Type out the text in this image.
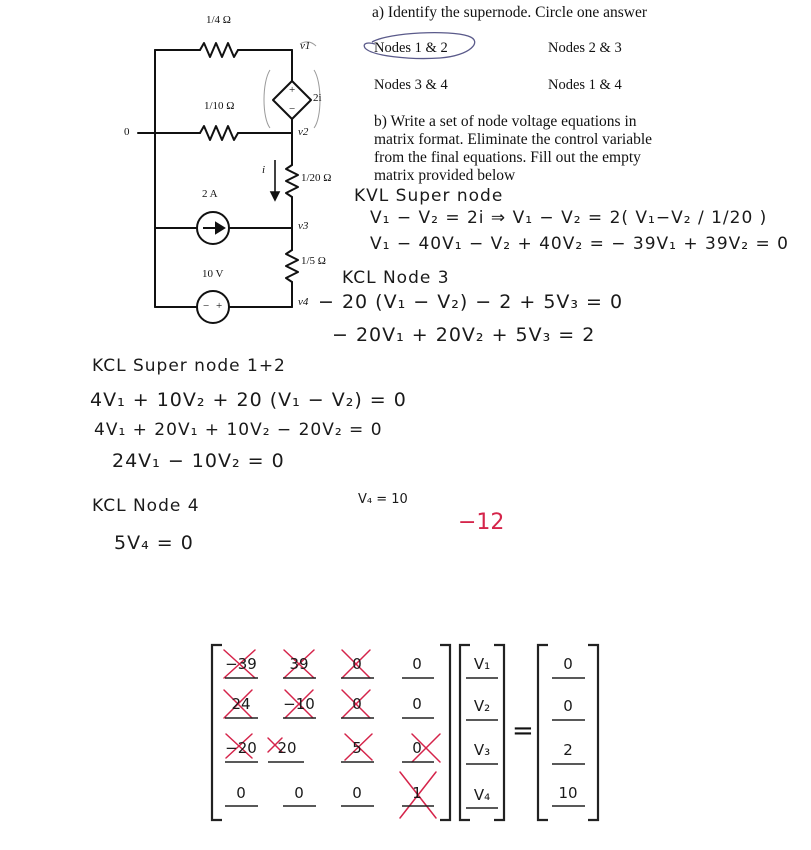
1/4 Ω
1/10 Ω
1/20 Ω
1/5 Ω
2 A
10 V
2i
i
v1
v2
v3
v4
0
+
−
− +
a) Identify the supernode. Circle one answer
Nodes 1 & 2	Nodes 2 & 3
Nodes 3 & 4	Nodes 1 & 4
b) Write a set of node voltage equations in
matrix format. Eliminate the control variable
from the final equations. Fill out the empty
matrix provided below
KVL Super node
V₁ − V₂ = 2i ⇒ V₁ − V₂ = 2( V₁−V₂ / 1/20 )
V₁ − 40V₁ − V₂ + 40V₂ = − 39V₁ + 39V₂ = 0
KCL Node 3
− 20 (V₁ − V₂) − 2 + 5V₃ = 0
− 20V₁ + 20V₂ + 5V₃ = 2
KCL Super node 1+2
4V₁ + 10V₂ + 20 (V₁ − V₂) = 0
4V₁ + 20V₁ + 10V₂ − 20V₂ = 0
24V₁ − 10V₂ = 0
KCL Node 4
5V₄ = 0
V₄ = 10
−12
−39	39	0	0
24	−10	0	0
−20	20	5	0
0	0	0	1
V₁
V₂
V₃
V₄
=
0
0
2
10
